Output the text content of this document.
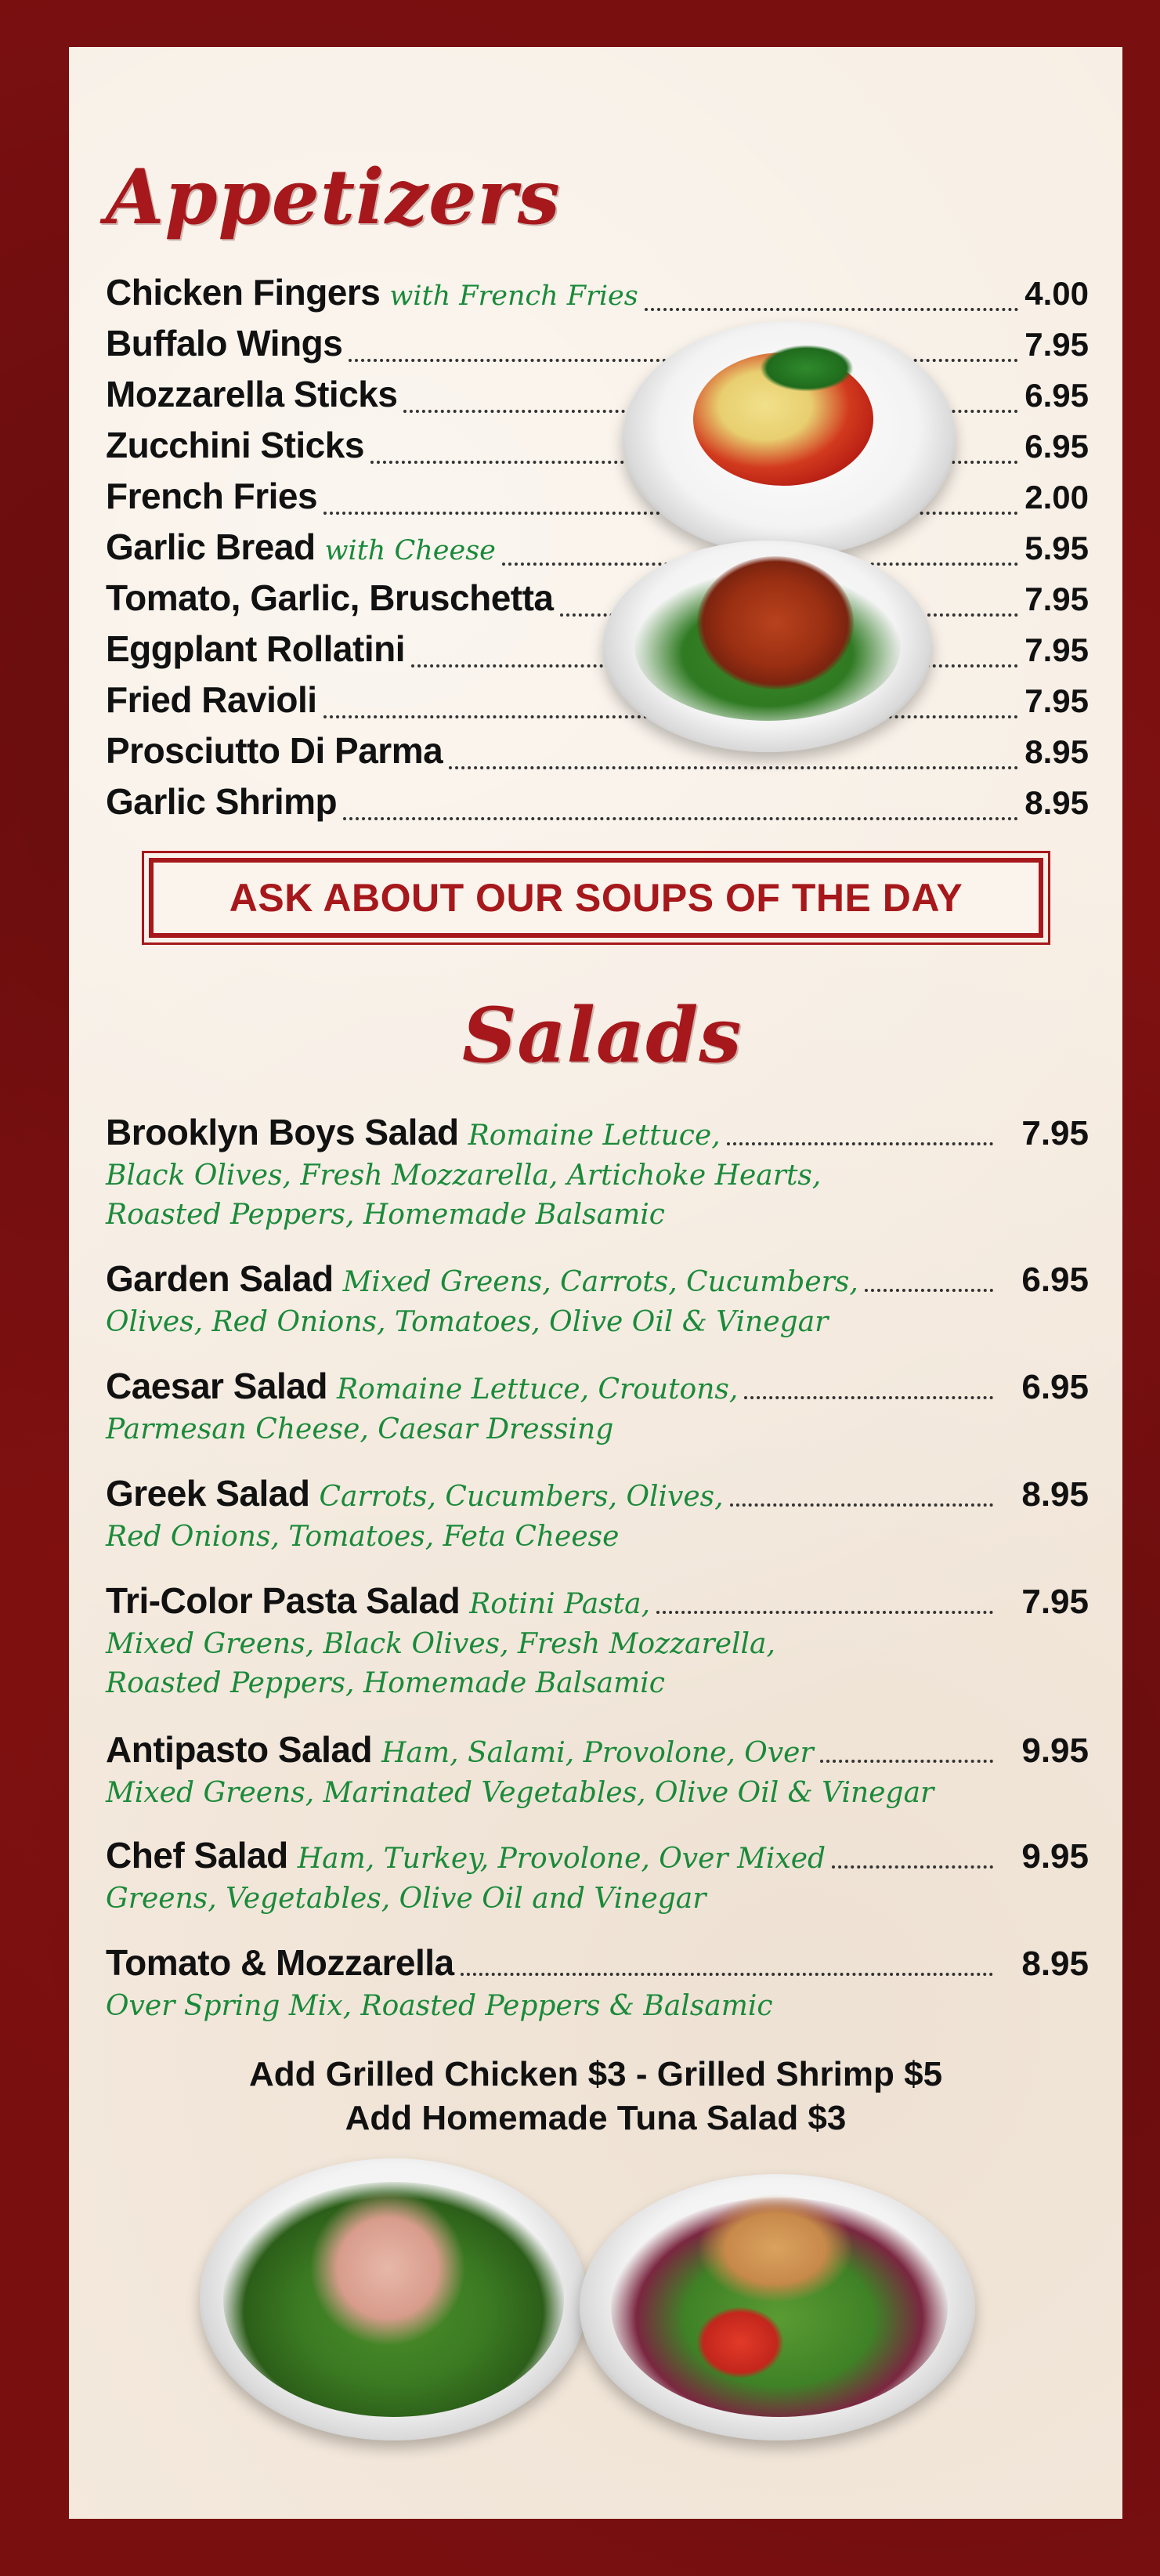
Appetizers
Chicken Fingers with French Fries	4.00
Buffalo Wings	7.95
Mozzarella Sticks	6.95
Zucchini Sticks	6.95
French Fries	2.00
Garlic Bread with Cheese	5.95
Tomato, Garlic, Bruschetta	7.95
Eggplant Rollatini	7.95
Fried Ravioli	7.95
Prosciutto Di Parma	8.95
Garlic Shrimp	8.95
ASK ABOUT OUR SOUPS OF THE DAY
Salads
Brooklyn Boys Salad Romaine Lettuce,	7.95

Black Olives, Fresh Mozzarella, Artichoke Hearts,

Roasted Peppers, Homemade Balsamic

Garden Salad Mixed Greens, Carrots, Cucumbers,	6.95

Olives, Red Onions, Tomatoes, Olive Oil & Vinegar

Caesar Salad Romaine Lettuce, Croutons,	6.95

Parmesan Cheese, Caesar Dressing

Greek Salad Carrots, Cucumbers, Olives,	8.95

Red Onions, Tomatoes, Feta Cheese

Tri-Color Pasta Salad Rotini Pasta,	7.95

Mixed Greens, Black Olives, Fresh Mozzarella,

Roasted Peppers, Homemade Balsamic

Antipasto Salad Ham, Salami, Provolone, Over	9.95

Mixed Greens, Marinated Vegetables, Olive Oil & Vinegar

Chef Salad Ham, Turkey, Provolone, Over Mixed	9.95

Greens, Vegetables, Olive Oil and Vinegar

Tomato & Mozzarella	8.95

Over Spring Mix, Roasted Peppers & Balsamic

Add Grilled Chicken $3 - Grilled Shrimp $5
Add Homemade Tuna Salad $3
